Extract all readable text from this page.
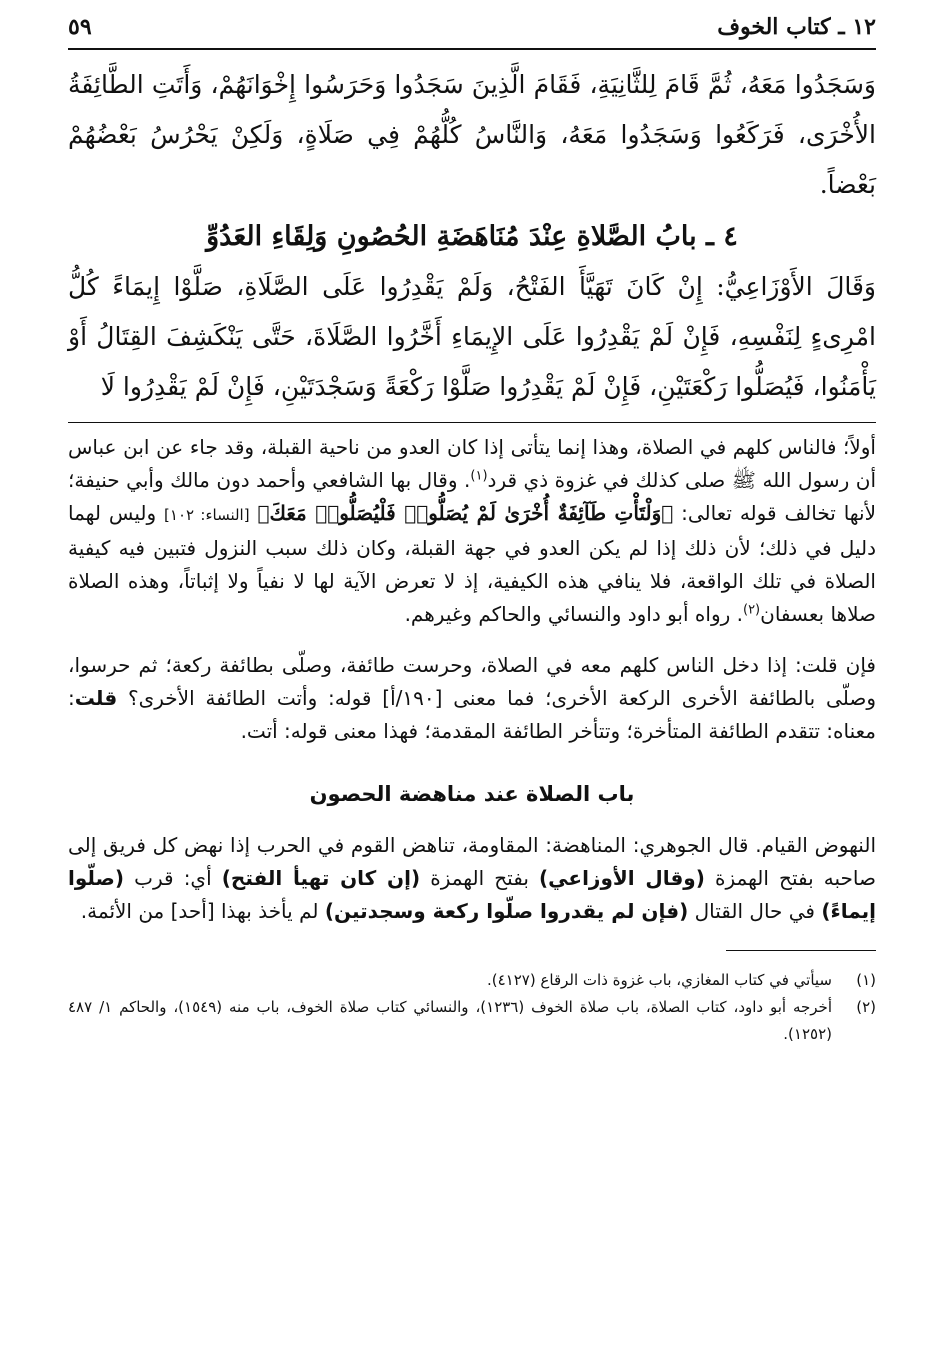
١٢ ـ كتاب الخوف
٥٩

وَسَجَدُوا مَعَهُ، ثُمَّ قَامَ لِلثَّانِيَةِ، فَقَامَ الَّذِينَ سَجَدُوا وَحَرَسُوا إِخْوَانَهُمْ، وَأَتَتِ الطَّائِفَةُ الأُخْرَى، فَرَكَعُوا وَسَجَدُوا مَعَهُ، وَالنَّاسُ كُلُّهُمْ فِي صَلَاةٍ، وَلَكِنْ يَحْرُسُ بَعْضُهُمْ بَعْضاً.

٤ ـ بابُ الصَّلاةِ عِنْدَ مُنَاهَضَةِ الحُصُونِ وَلِقَاءِ العَدُوِّ

وَقَالَ الأَوْزَاعِيُّ: إِنْ كَانَ تَهَيَّأَ الفَتْحُ، وَلَمْ يَقْدِرُوا عَلَى الصَّلَاةِ، صَلَّوْا إِيمَاءً كُلُّ امْرِىءٍ لِنَفْسِهِ، فَإِنْ لَمْ يَقْدِرُوا عَلَى الإِيمَاءِ أَخَّرُوا الصَّلَاةَ، حَتَّى يَنْكَشِفَ القِتَالُ أَوْ يَأْمَنُوا، فَيُصَلُّوا رَكْعَتَيْنِ، فَإِنْ لَمْ يَقْدِرُوا صَلَّوْا رَكْعَةً وَسَجْدَتَيْنِ، فَإِنْ لَمْ يَقْدِرُوا لَا

أولاً؛ فالناس كلهم في الصلاة، وهذا إنما يتأتى إذا كان العدو من ناحية القبلة، وقد جاء عن ابن عباس أن رسول الله ﷺ صلى كذلك في غزوة ذي قرد$^{(١)}$. وقال بها الشافعي وأحمد دون مالك وأبي حنيفة؛ لأنها تخالف قوله تعالى: ﴿وَلْتَأْتِ طَآئِفَةٌ أُخْرَىٰ لَمْ يُصَلُّوا۟ فَلْيُصَلُّوا۟ مَعَكَ﴾ [النساء: ١٠٢] وليس لهما دليل في ذلك؛ لأن ذلك إذا لم يكن العدو في جهة القبلة، وكان ذلك سبب النزول فتبين فيه كيفية الصلاة في تلك الواقعة، فلا ينافي هذه الكيفية، إذ لا تعرض الآية لها لا نفياً ولا إثباتاً، وهذه الصلاة صلاها بعسفان$^{(٢)}$. رواه أبو داود والنسائي والحاكم وغيرهم.

فإن قلت: إذا دخل الناس كلهم معه في الصلاة، وحرست طائفة، وصلّى بطائفة ركعة؛ ثم حرسوا، وصلّى بالطائفة الأخرى الركعة الأخرى؛ فما معنى [١٩٠/أ] قوله: وأتت الطائفة الأخرى؟ قلت: معناه: تتقدم الطائفة المتأخرة؛ وتتأخر الطائفة المقدمة؛ فهذا معنى قوله: أتت.

باب الصلاة عند مناهضة الحصون

النهوض القيام. قال الجوهري: المناهضة: المقاومة، تناهض القوم في الحرب إذا نهض كل فريق إلى صاحبه بفتح الهمزة (وقال الأوزاعي) بفتح الهمزة (إن كان تهيأ الفتح) أي: قرب (صلّوا إيماءً) في حال القتال (فإن لم يقدروا صلّوا ركعة وسجدتين) لم يأخذ بهذا [أحد] من الأئمة.

(١)
سيأتي في كتاب المغازي، باب غزوة ذات الرقاع (٤١٢٧).
(٢)
أخرجه أبو داود، كتاب الصلاة، باب صلاة الخوف (١٢٣٦)، والنسائي كتاب صلاة الخوف، باب منه (١٥٤٩)، والحاكم ١/ ٤٨٧ (١٢٥٢).
